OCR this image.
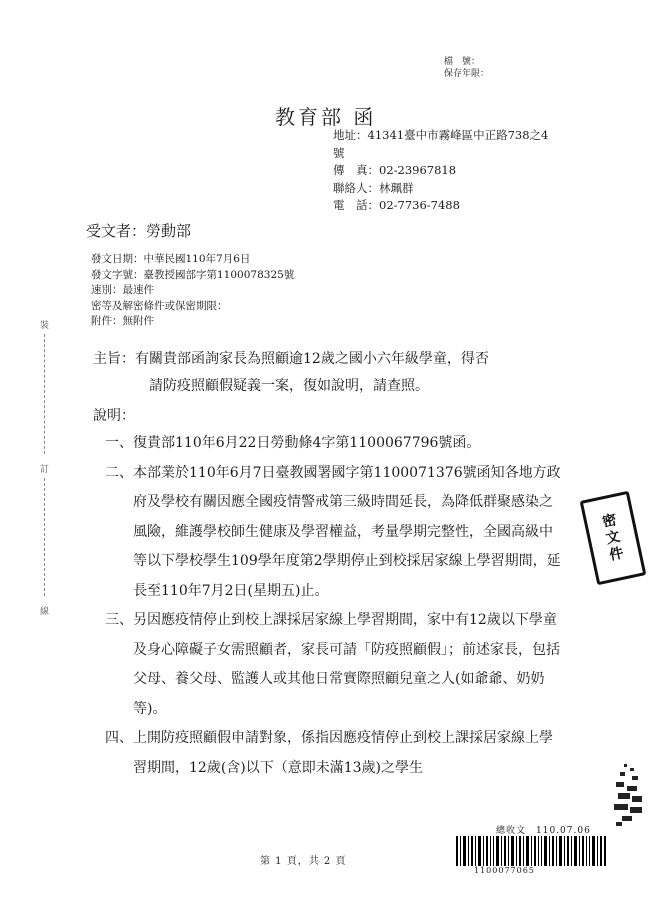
檔　號：
保存年限：
教育部 函
地址：41341臺中市霧峰區中正路738之4號
傳　真：02-23967818
聯絡人：林珮群
電　話：02-7736-7488
受文者：勞動部
發文日期：中華民國110年7月6日
發文字號：臺教授國部字第1100078325號
速別：最速件
密等及解密條件或保密期限：
附件：無附件
主旨：有關貴部函詢家長為照顧逾12歲之國小六年級學童，得否
請防疫照顧假疑義一案，復如說明，請查照。
說明：
一、 復貴部110年6月22日勞動條4字第1100067796號函。
二、 本部業於110年6月7日臺教國署國字第1100071376號函知各地方政府及學校有關因應全國疫情警戒第三級時間延長，為降低群聚感染之風險，維護學校師生健康及學習權益，考量學期完整性，全國高級中等以下學校學生109學年度第2學期停止到校採居家線上學習期間，延長至110年7月2日(星期五)止。
三、 另因應疫情停止到校上課採居家線上學習期間，家中有12歲以下學童及身心障礙子女需照顧者，家長可請「防疫照顧假」；前述家長，包括父母、養父母、監護人或其他日常實際照顧兒童之人(如爺爺、奶奶等)。
四、 上開防疫照顧假申請對象，係指因應疫情停止到校上課採居家線上學習期間，12歲(含)以下（意即未滿13歲)之學生
裝
訂
線
密
文
件
總收文　110.07.06
第 1 頁，共 2 頁
1100077065
